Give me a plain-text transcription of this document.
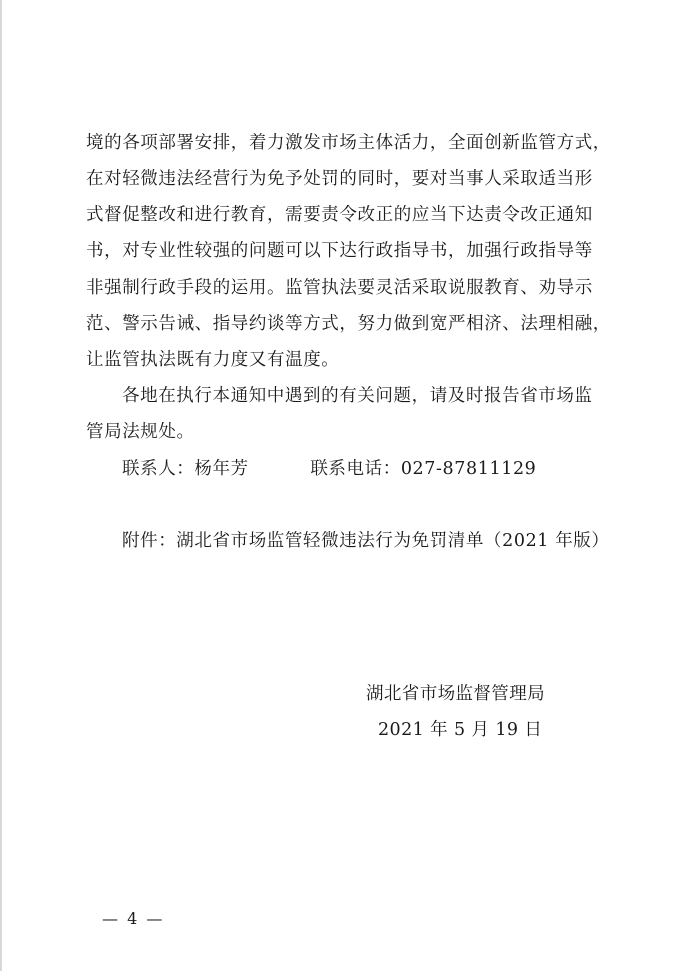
境的各项部署安排，着力激发市场主体活力，全面创新监管方式，
在对轻微违法经营行为免予处罚的同时，要对当事人采取适当形
式督促整改和进行教育，需要责令改正的应当下达责令改正通知
书，对专业性较强的问题可以下达行政指导书，加强行政指导等
非强制行政手段的运用。监管执法要灵活采取说服教育、劝导示
范、警示告诫、指导约谈等方式，努力做到宽严相济、法理相融，
让监管执法既有力度又有温度。
各地在执行本通知中遇到的有关问题，请及时报告省市场监
管局法规处。
联系人：杨年芳          联系电话：027-87811129
附件：湖北省市场监管轻微违法行为免罚清单（2021 年版）
湖北省市场监督管理局
2021 年 5 月 19 日
— 4 —
